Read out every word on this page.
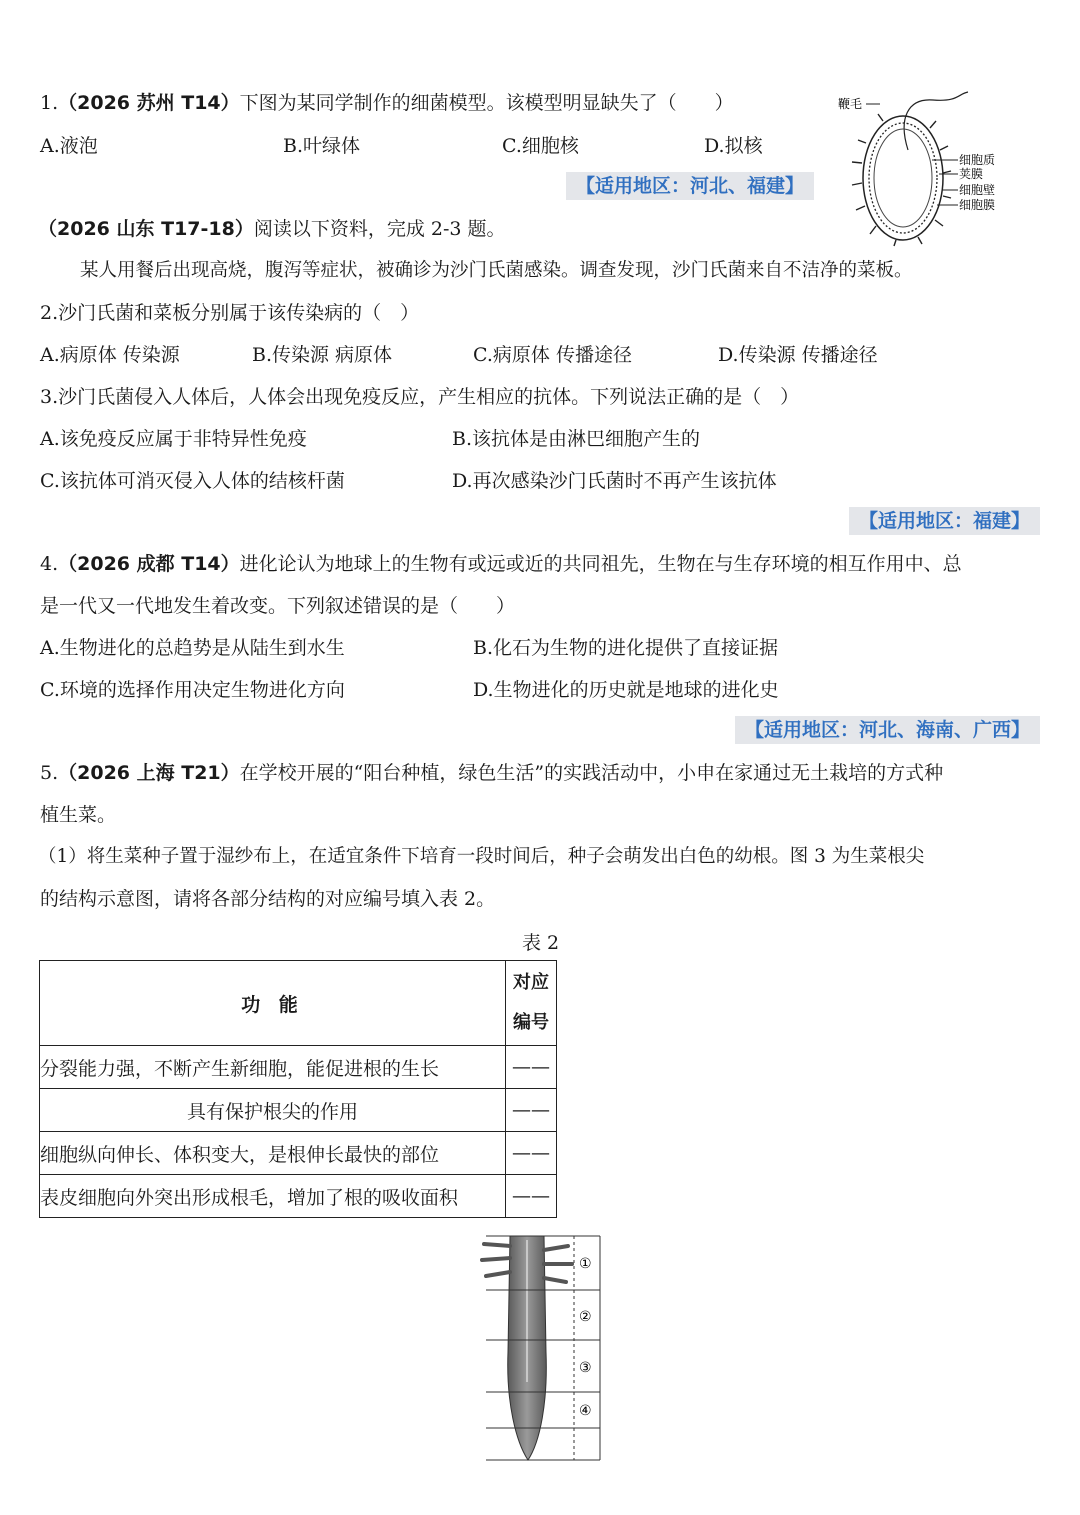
1.（2026 苏州 T14）下图为某同学制作的细菌模型。该模型明显缺失了（　　）
A.液泡	B.叶绿体	C.细胞核	D.拟核
【适用地区：河北、福建】
鞭毛
细胞质
荚膜
细胞壁
细胞膜
（2026 山东 T17-18）阅读以下资料，完成 2-3 题。
某人用餐后出现高烧，腹泻等症状，被确诊为沙门氏菌感染。调查发现，沙门氏菌来自不洁净的菜板。
2.沙门氏菌和菜板分别属于该传染病的（　）
A.病原体 传染源	B.传染源 病原体	C.病原体 传播途径	D.传染源 传播途径
3.沙门氏菌侵入人体后，人体会出现免疫反应，产生相应的抗体。下列说法正确的是（　）
A.该免疫反应属于非特异性免疫	B.该抗体是由淋巴细胞产生的
C.该抗体可消灭侵入人体的结核杆菌	D.再次感染沙门氏菌时不再产生该抗体
【适用地区：福建】
4.（2026 成都 T14）进化论认为地球上的生物有或远或近的共同祖先，生物在与生存环境的相互作用中、总
是一代又一代地发生着改变。下列叙述错误的是（　　）
A.生物进化的总趋势是从陆生到水生	B.化石为生物的进化提供了直接证据
C.环境的选择作用决定生物进化方向	D.生物进化的历史就是地球的进化史
【适用地区：河北、海南、广西】
5.（2026 上海 T21）在学校开展的“阳台种植，绿色生活”的实践活动中，小申在家通过无土栽培的方式种
植生菜。
（1）将生菜种子置于湿纱布上，在适宜条件下培育一段时间后，种子会萌发出白色的幼根。图 3 为生菜根尖
的结构示意图，请将各部分结构的对应编号填入表 2。
表 2
功 能	对应
编号

分裂能力强，不断产生新细胞，能促进根的生长	——
具有保护根尖的作用	——
细胞纵向伸长、体积变大，是根伸长最快的部位	——
表皮细胞向外突出形成根毛，增加了根的吸收面积	——
①
②
③
④
